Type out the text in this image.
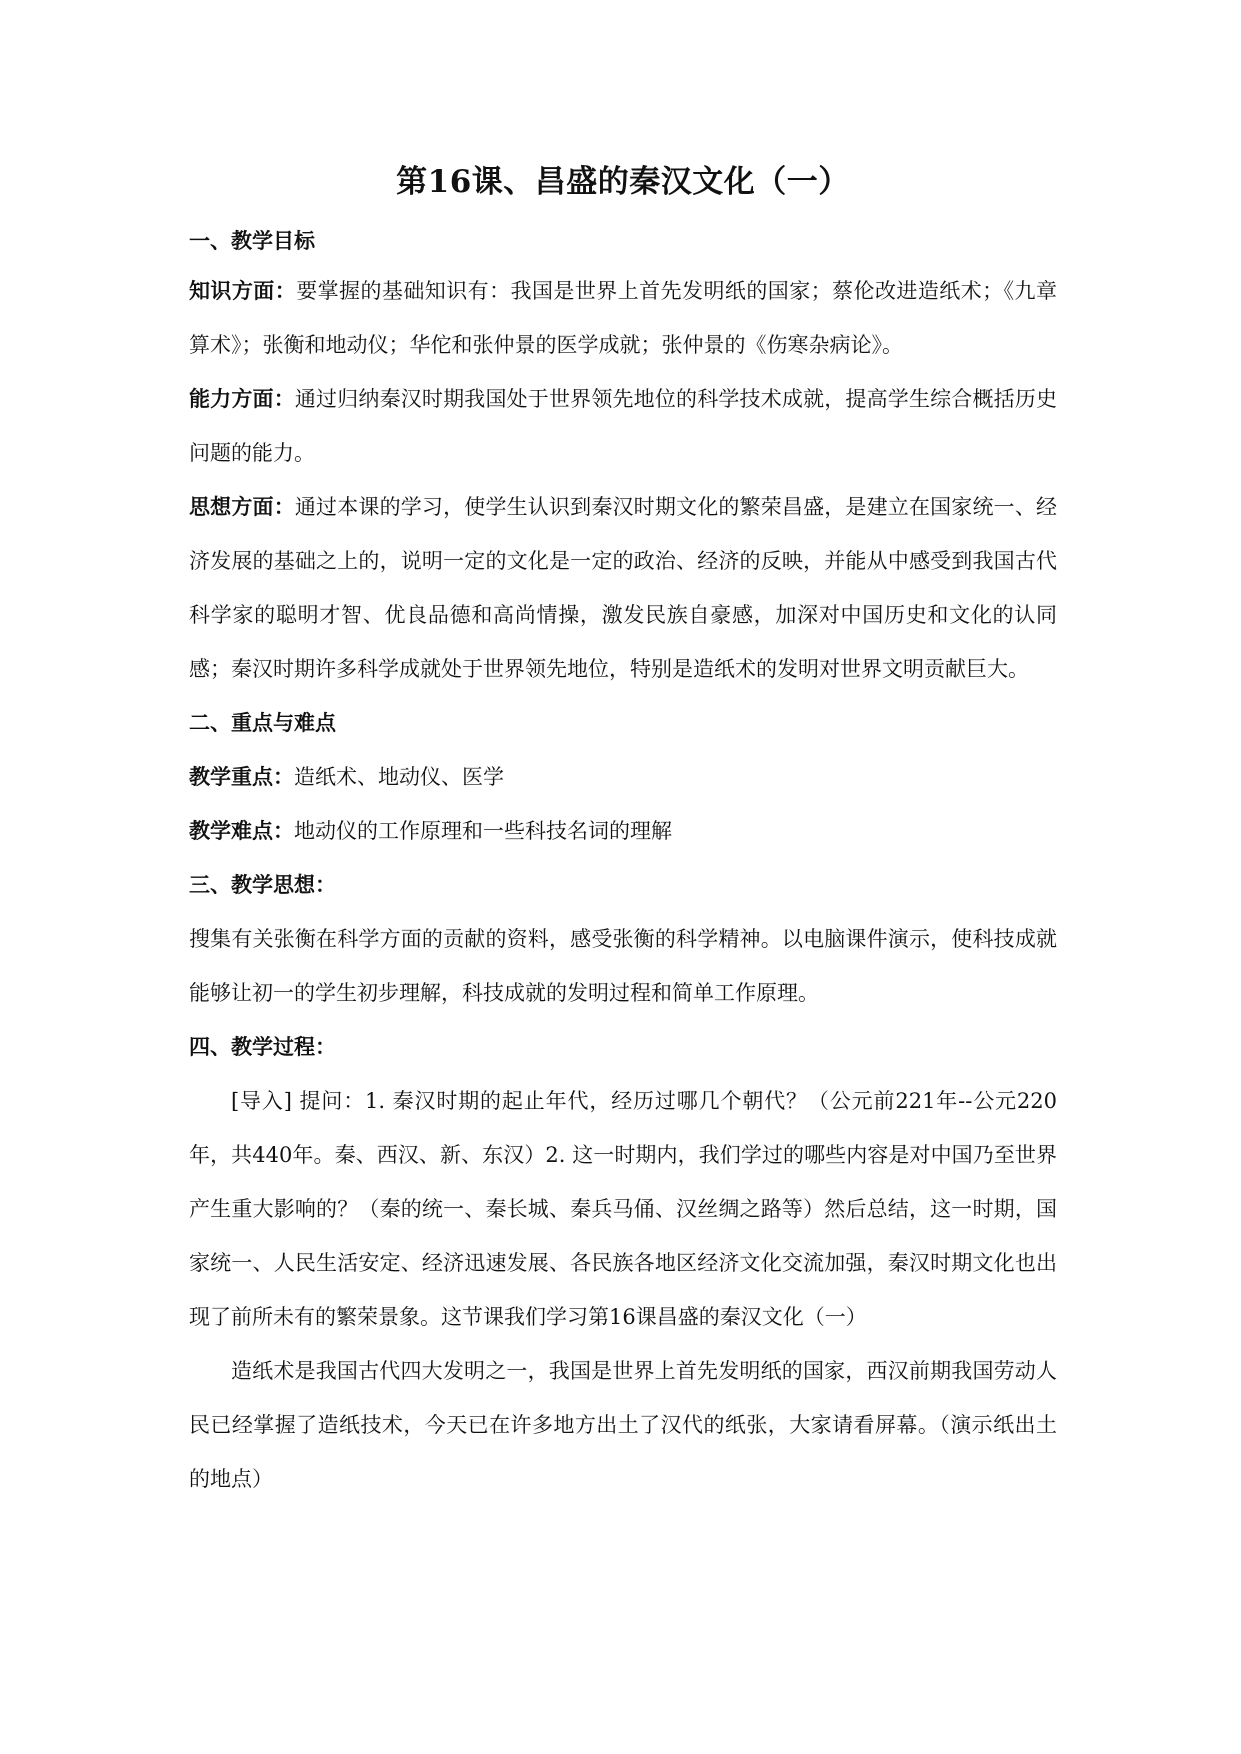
第16课、昌盛的秦汉文化（一）
一、教学目标

知识方面：要掌握的基础知识有：我国是世界上首先发明纸的国家；蔡伦改进造纸术；《九章算术》；张衡和地动仪；华佗和张仲景的医学成就；张仲景的《伤寒杂病论》。

能力方面：通过归纳秦汉时期我国处于世界领先地位的科学技术成就，提高学生综合概括历史问题的能力。

思想方面：通过本课的学习，使学生认识到秦汉时期文化的繁荣昌盛，是建立在国家统一、经济发展的基础之上的，说明一定的文化是一定的政治、经济的反映，并能从中感受到我国古代科学家的聪明才智、优良品德和高尚情操，激发民族自豪感，加深对中国历史和文化的认同感；秦汉时期许多科学成就处于世界领先地位，特别是造纸术的发明对世界文明贡献巨大。

二、重点与难点

教学重点：造纸术、地动仪、医学

教学难点：地动仪的工作原理和一些科技名词的理解

三、教学思想：

搜集有关张衡在科学方面的贡献的资料，感受张衡的科学精神。以电脑课件演示，使科技成就能够让初一的学生初步理解，科技成就的发明过程和简单工作原理。

四、教学过程：

[导入] 提问：1. 秦汉时期的起止年代，经历过哪几个朝代？（公元前221年--公元220年，共440年。秦、西汉、新、东汉）2. 这一时期内，我们学过的哪些内容是对中国乃至世界产生重大影响的？（秦的统一、秦长城、秦兵马俑、汉丝绸之路等）然后总结，这一时期，国家统一、人民生活安定、经济迅速发展、各民族各地区经济文化交流加强，秦汉时期文化也出现了前所未有的繁荣景象。这节课我们学习第16课昌盛的秦汉文化（一）

造纸术是我国古代四大发明之一，我国是世界上首先发明纸的国家，西汉前期我国劳动人民已经掌握了造纸技术，今天已在许多地方出土了汉代的纸张，大家请看屏幕。（演示纸出土的地点）
